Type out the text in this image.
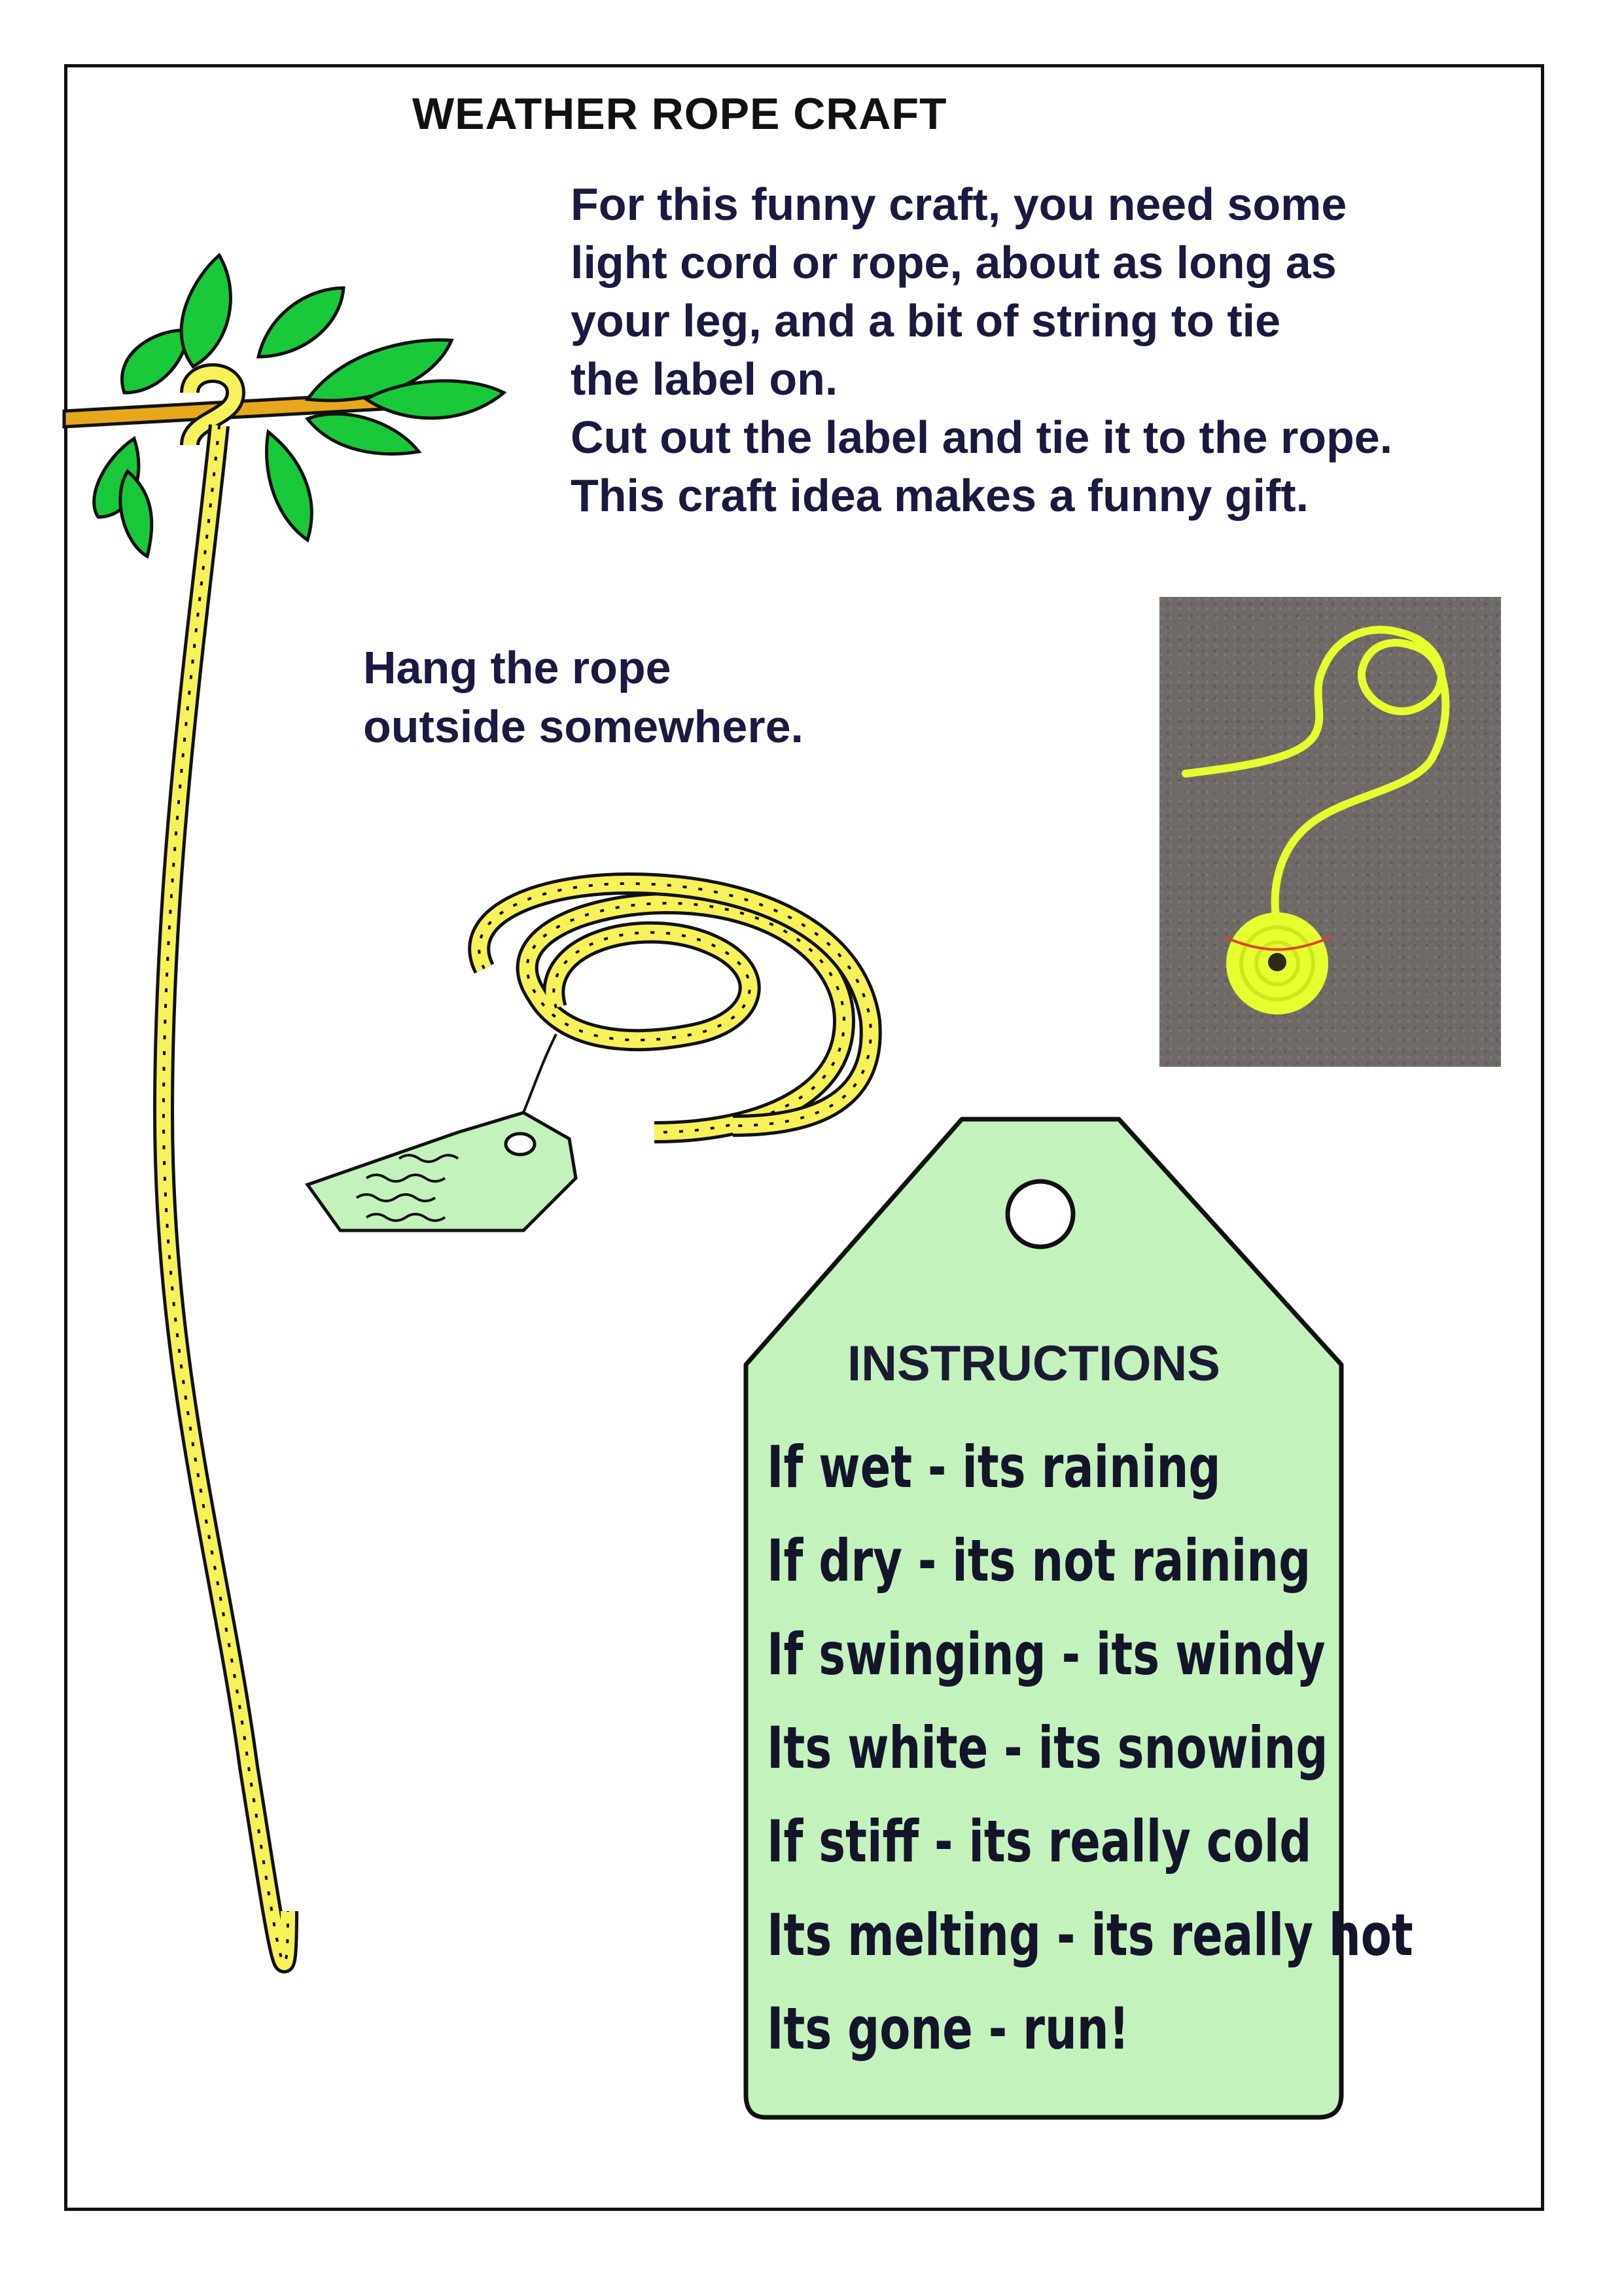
WEATHER ROPE CRAFT
For this funny craft, you need some
light cord or rope, about as long as
your leg, and a bit of string to tie
the label on.
Cut out the label and tie it to the rope.
This craft idea makes a funny gift.
Hang the rope
outside somewhere.
INSTRUCTIONS
If wet - its raining
If dry - its not raining
If swinging - its windy
Its white - its snowing
If stiff - its really cold
Its melting - its really hot
Its gone - run!
